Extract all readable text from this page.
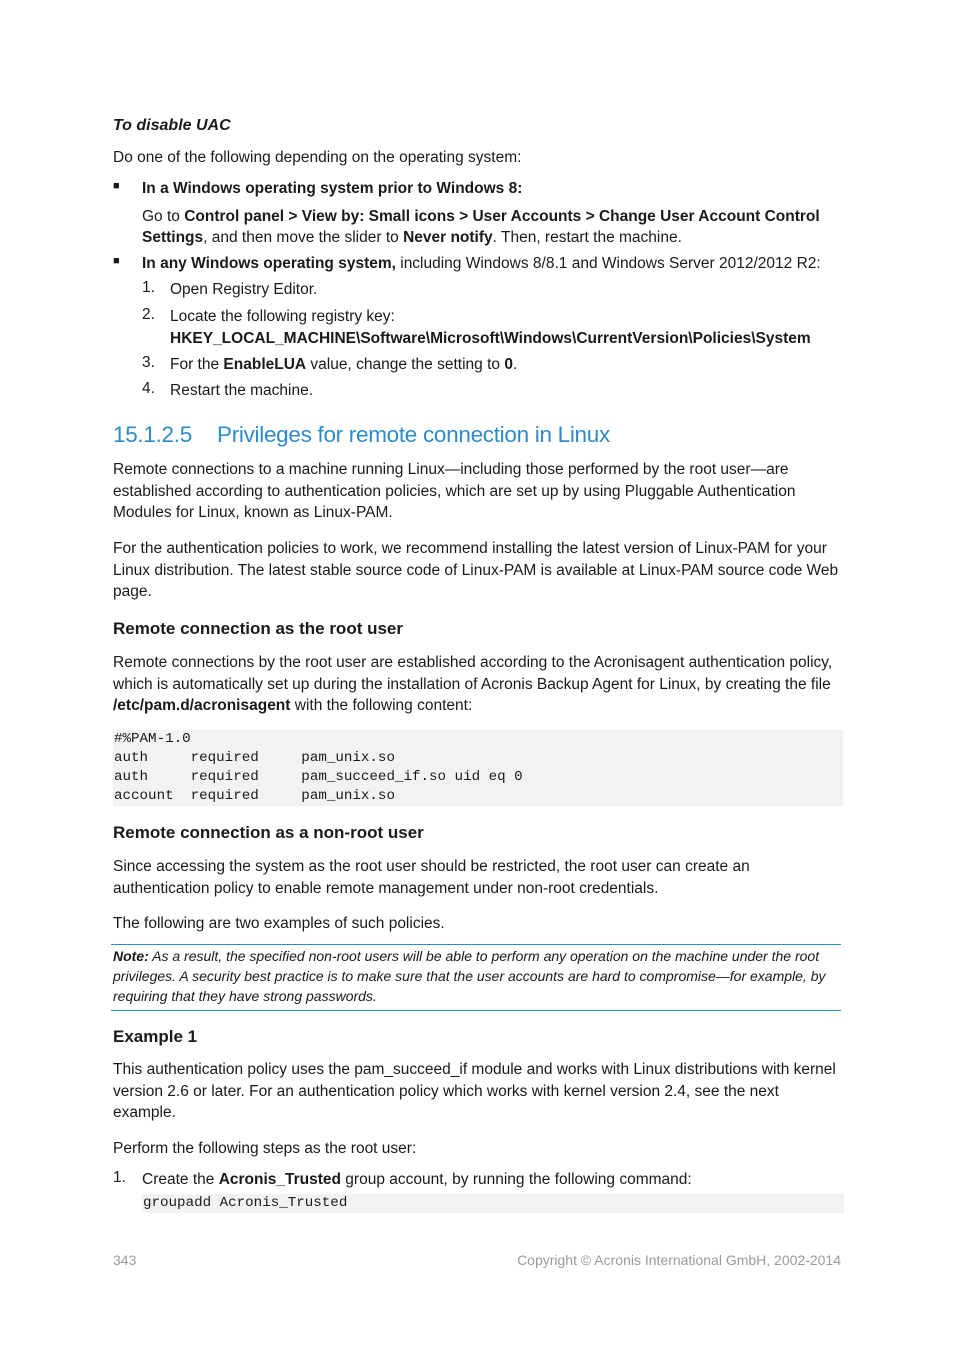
To disable UAC

Do one of the following depending on the operating system:

■ In a Windows operating system prior to Windows 8:

Go to Control panel > View by: Small icons > User Accounts > Change User Account Control Settings, and then move the slider to Never notify. Then, restart the machine.

■ In any Windows operating system, including Windows 8/8.1 and Windows Server 2012/2012 R2:

1. Open Registry Editor.

2. Locate the following registry key:

HKEY_LOCAL_MACHINE\Software\Microsoft\Windows\CurrentVersion\Policies\System

3. For the EnableLUA value, change the setting to 0.

4. Restart the machine.

15.1.2.5 Privileges for remote connection in Linux

Remote connections to a machine running Linux—including those performed by the root user—are established according to authentication policies, which are set up by using Pluggable Authentication Modules for Linux, known as Linux-PAM.

For the authentication policies to work, we recommend installing the latest version of Linux-PAM for your Linux distribution. The latest stable source code of Linux-PAM is available at Linux-PAM source code Web page.

Remote connection as the root user

Remote connections by the root user are established according to the Acronisagent authentication policy, which is automatically set up during the installation of Acronis Backup Agent for Linux, by creating the file /etc/pam.d/acronisagent with the following content:

#%PAM-1.0
auth     required     pam_unix.so
auth     required     pam_succeed_if.so uid eq 0
account  required     pam_unix.so

Remote connection as a non-root user

Since accessing the system as the root user should be restricted, the root user can create an authentication policy to enable remote management under non-root credentials.

The following are two examples of such policies.

Note: As a result, the specified non-root users will be able to perform any operation on the machine under the root privileges. A security best practice is to make sure that the user accounts are hard to compromise—for example, by requiring that they have strong passwords.

Example 1

This authentication policy uses the pam_succeed_if module and works with Linux distributions with kernel version 2.6 or later. For an authentication policy which works with kernel version 2.4, see the next example.

Perform the following steps as the root user:

1. Create the Acronis_Trusted group account, by running the following command:

groupadd Acronis_Trusted
343	Copyright © Acronis International GmbH, 2002-2014
